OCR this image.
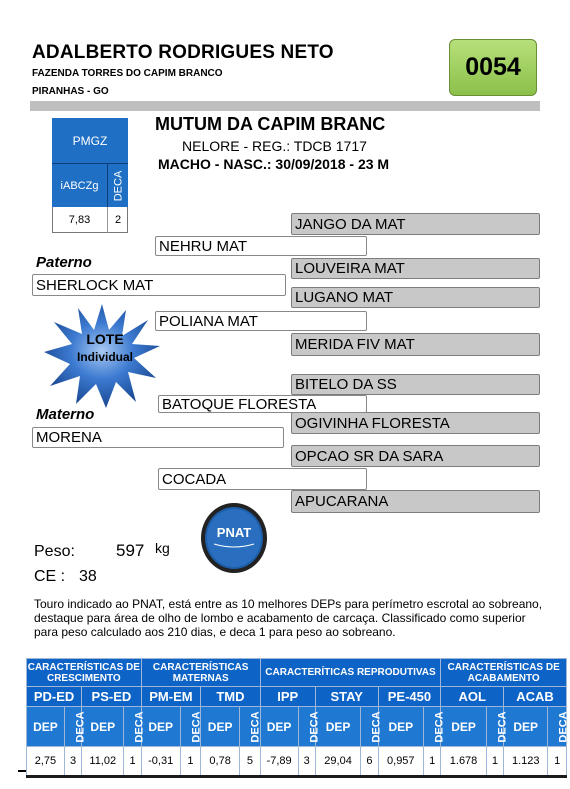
ADALBERTO RODRIGUES NETO
FAZENDA TORRES DO CAPIM BRANCO
PIRANHAS - GO
0054
PMGZ
iABCZg	DECA
7,83	2
MUTUM DA CAPIM BRANC
NELORE - REG.: TDCB 1717
MACHO - NASC.: 30/09/2018 - 23 M
JANGO DA MAT
LOUVEIRA MAT
LUGANO MAT
MERIDA FIV MAT
BITELO DA SS
OGIVINHA FLORESTA
OPCAO SR DA SARA
APUCARANA
NEHRU MAT
POLIANA MAT
BATOQUE FLORESTA
COCADA
Paterno
SHERLOCK MAT
Materno
MORENA
LOTE
Individual
PNAT
Peso: 597 kg
CE : 38
Touro indicado ao PNAT, está entre as 10 melhores DEPs para perímetro escrotal ao sobreano, destaque para área de olho de lombo e acabamento de carcaça. Classificado como superior para peso calculado aos 210 dias, e deca 1 para peso ao sobreano.
CARACTERÍSTICAS DE CRESCIMENTO				CARACTERÍSTICAS MATERNAS				CARACTERÍTICAS REPRODUTIVAS						CARACTERÍSTICAS DE ACABAMENTO			
PD-ED		PS-ED		PM-EM		TMD		IPP		STAY		PE-450		AOL		ACAB	
DEP	DECA	DEP	DECA	DEP	DECA	DEP	DECA	DEP	DECA	DEP	DECA	DEP	DECA	DEP	DECA	DEP	DECA
2,75	3	11,02	1	-0,31	1	0,78	5	-7,89	3	29,04	6	0,957	1	1.678	1	1.123	1
